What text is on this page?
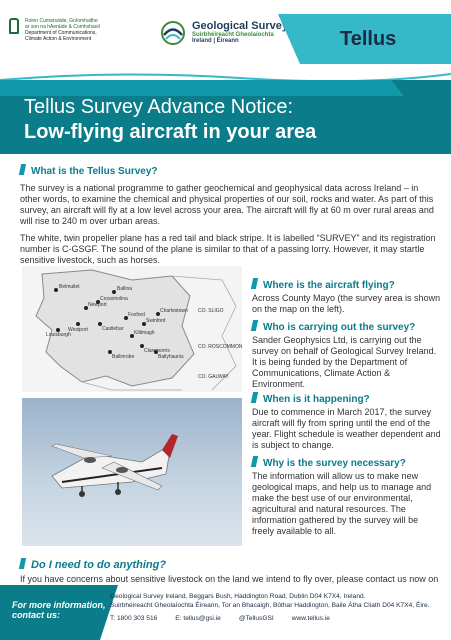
Roinn Cumarsáide, Gníomhaithe
ar son na hAeráide & Comhshaoil
Department of Communications,
Climate Action & Environment
Geological Survey
Suirbhéireacht Gheolaíochta
Ireland | Éireann	Tellus
Tellus Survey Advance Notice:
Low-flying aircraft in your area
What is the Tellus Survey?

The survey is a national programme to gather geochemical and geophysical data across Ireland – in other words, to examine the chemical and physical properties of our soil, rocks and water. As part of this survey, an aircraft will fly at a low level across your area. The aircraft will fly at 60 m over rural areas and will rise to 240 m over urban areas.

The white, twin propeller plane has a red tail and black stripe. It is labelled “SURVEY” and its registration number is C-GSGF. The sound of the plane is similar to that of a passing lorry. However, it may startle sensitive livestock, such as horses.

Belmullet	Ballina
Westport	Castlebar
Newport
Foxford
Swinford
Claremorris
Ballinrobe
Kiltimagh
Ballyhaunis
Charlestown
Louisburgh
Crossmolina
CO. SLIGO
CO. ROSCOMMON
CO. GALWAY
Where is the aircraft flying?

Across County Mayo (the survey area is shown on the map on the left).

Who is carrying out the survey?

Sander Geophysics Ltd, is carrying out the survey on behalf of Geological Survey Ireland. It is being funded by the Department of Communications, Climate Action & Environment.

When is it happening?

Due to commence in March 2017, the survey aircraft will fly from spring until the end of the year. Flight schedule is weather dependent and is subject to change.

Why is the survey necessary?

The information will allow us to make new geological maps, and help us to manage and make the best use of our environmental, agricultural and natural resources. The information gathered by the survey will be freely available to all.

Do I need to do anything?

If you have concerns about sensitive livestock on the land we intend to fly over, please contact us now on

For more information,
contact us:
Geological Survey Ireland, Beggars Bush, Haddington Road, Dublin D04 K7X4, Ireland.
Suirbhéireacht Gheolaíochta Éireann, Tor an Bhacaigh, Bóthar Haddington, Baile Átha Cliath D04 K7X4, Éire.
T: 1800 303 516	E: tellus@gsi.ie	@TellusGSI	www.tellus.ie
